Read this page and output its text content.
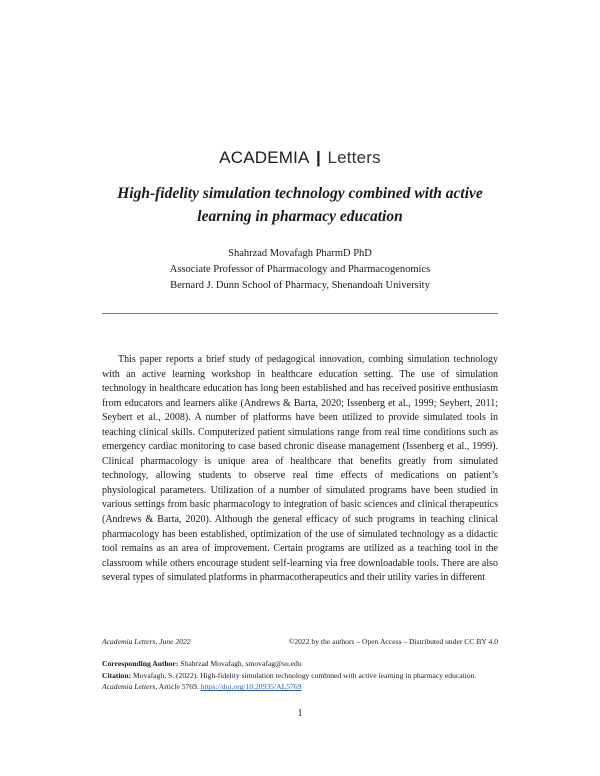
ACADEMIA | Letters
High-fidelity simulation technology combined with active learning in pharmacy education
Shahrzad Movafagh PharmD PhD
Associate Professor of Pharmacology and Pharmacogenomics
Bernard J. Dunn School of Pharmacy, Shenandoah University

This paper reports a brief study of pedagogical innovation, combing simulation technology with an active learning workshop in healthcare education setting. The use of simulation technology in healthcare education has long been established and has received positive enthusiasm from educators and learners alike (Andrews & Barta, 2020; Issenberg et al., 1999; Seybert, 2011; Seybert et al., 2008). A number of platforms have been utilized to provide simulated tools in teaching clinical skills. Computerized patient simulations range from real time conditions such as emergency cardiac monitoring to case based chronic disease management (Issenberg et al., 1999). Clinical pharmacology is unique area of healthcare that benefits greatly from simulated technology, allowing students to observe real time effects of medications on patient’s physiological parameters. Utilization of a number of simulated programs have been studied in various settings from basic pharmacology to integration of basic sciences and clinical therapeutics (Andrews & Barta, 2020). Although the general efficacy of such programs in teaching clinical pharmacology has been established, optimization of the use of simulated technology as a didactic tool remains as an area of improvement. Certain programs are utilized as a teaching tool in the classroom while others encourage student self-learning via free downloadable tools. There are also several types of simulated platforms in pharmacotherapeutics and their utility varies in different

Academia Letters, June 2022	©2022 by the authors – Open Access – Distributed under CC BY 4.0
Corresponding Author: Shahrzad Movafagh, smovafag@su.edu
Citation: Movafagh, S. (2022). High-fidelity simulation technology combined with active learning in pharmacy education. Academia Letters, Article 5769. https://doi.org/10.20935/AL5769
1
